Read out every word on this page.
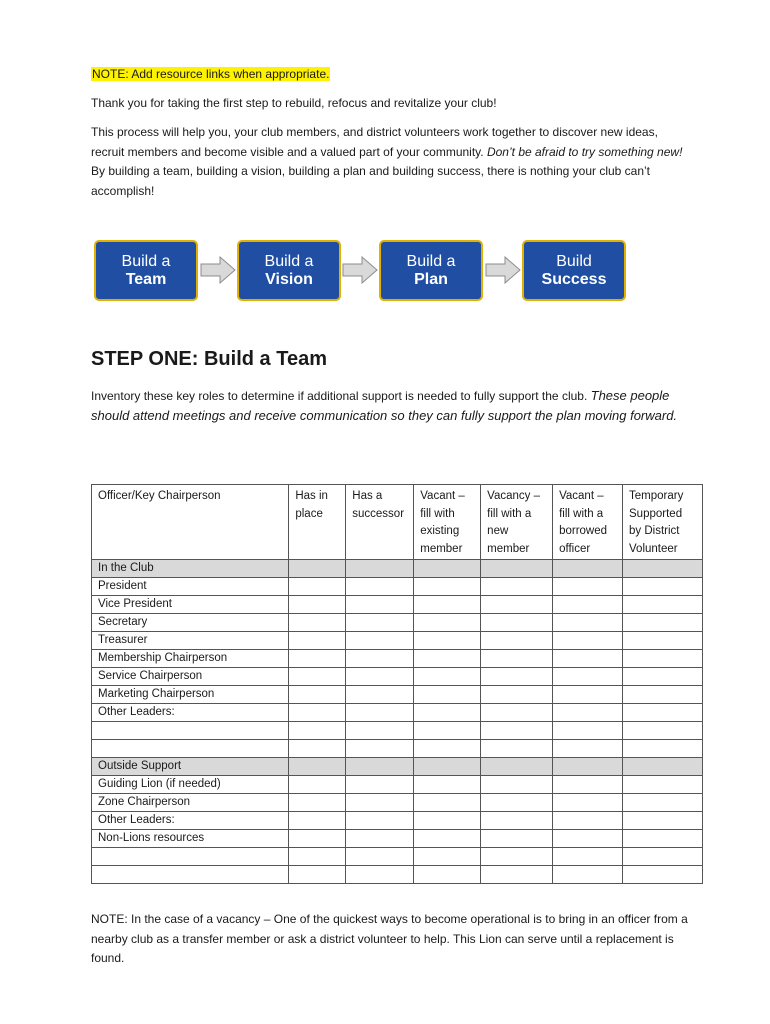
NOTE: Add resource links when appropriate.

Thank you for taking the first step to rebuild, refocus and revitalize your club!

This process will help you, your club members, and district volunteers work together to discover new ideas, recruit members and become visible and a valued part of your community. Don’t be afraid to try something new! By building a team, building a vision, building a plan and building success, there is nothing your club can’t accomplish!

Build a
Team
Build a
Vision
Build a
Plan
Build
Success
STEP ONE: Build a Team

Inventory these key roles to determine if additional support is needed to fully support the club. These people should attend meetings and receive communication so they can fully support the plan moving forward.

Officer/Key Chairperson	Has in place	Has a successor	Vacant – fill with existing member	Vacancy – fill with a new member	Vacant – fill with a borrowed officer	Temporary Supported by District Volunteer
In the Club						
President						
Vice President						
Secretary						
Treasurer						
Membership Chairperson						
Service Chairperson						
Marketing Chairperson						
Other Leaders:						

Outside Support						
Guiding Lion (if needed)						
Zone Chairperson						
Other Leaders:						
Non-Lions resources						

NOTE: In the case of a vacancy – One of the quickest ways to become operational is to bring in an officer from a nearby club as a transfer member or ask a district volunteer to help. This Lion can serve until a replacement is found.
